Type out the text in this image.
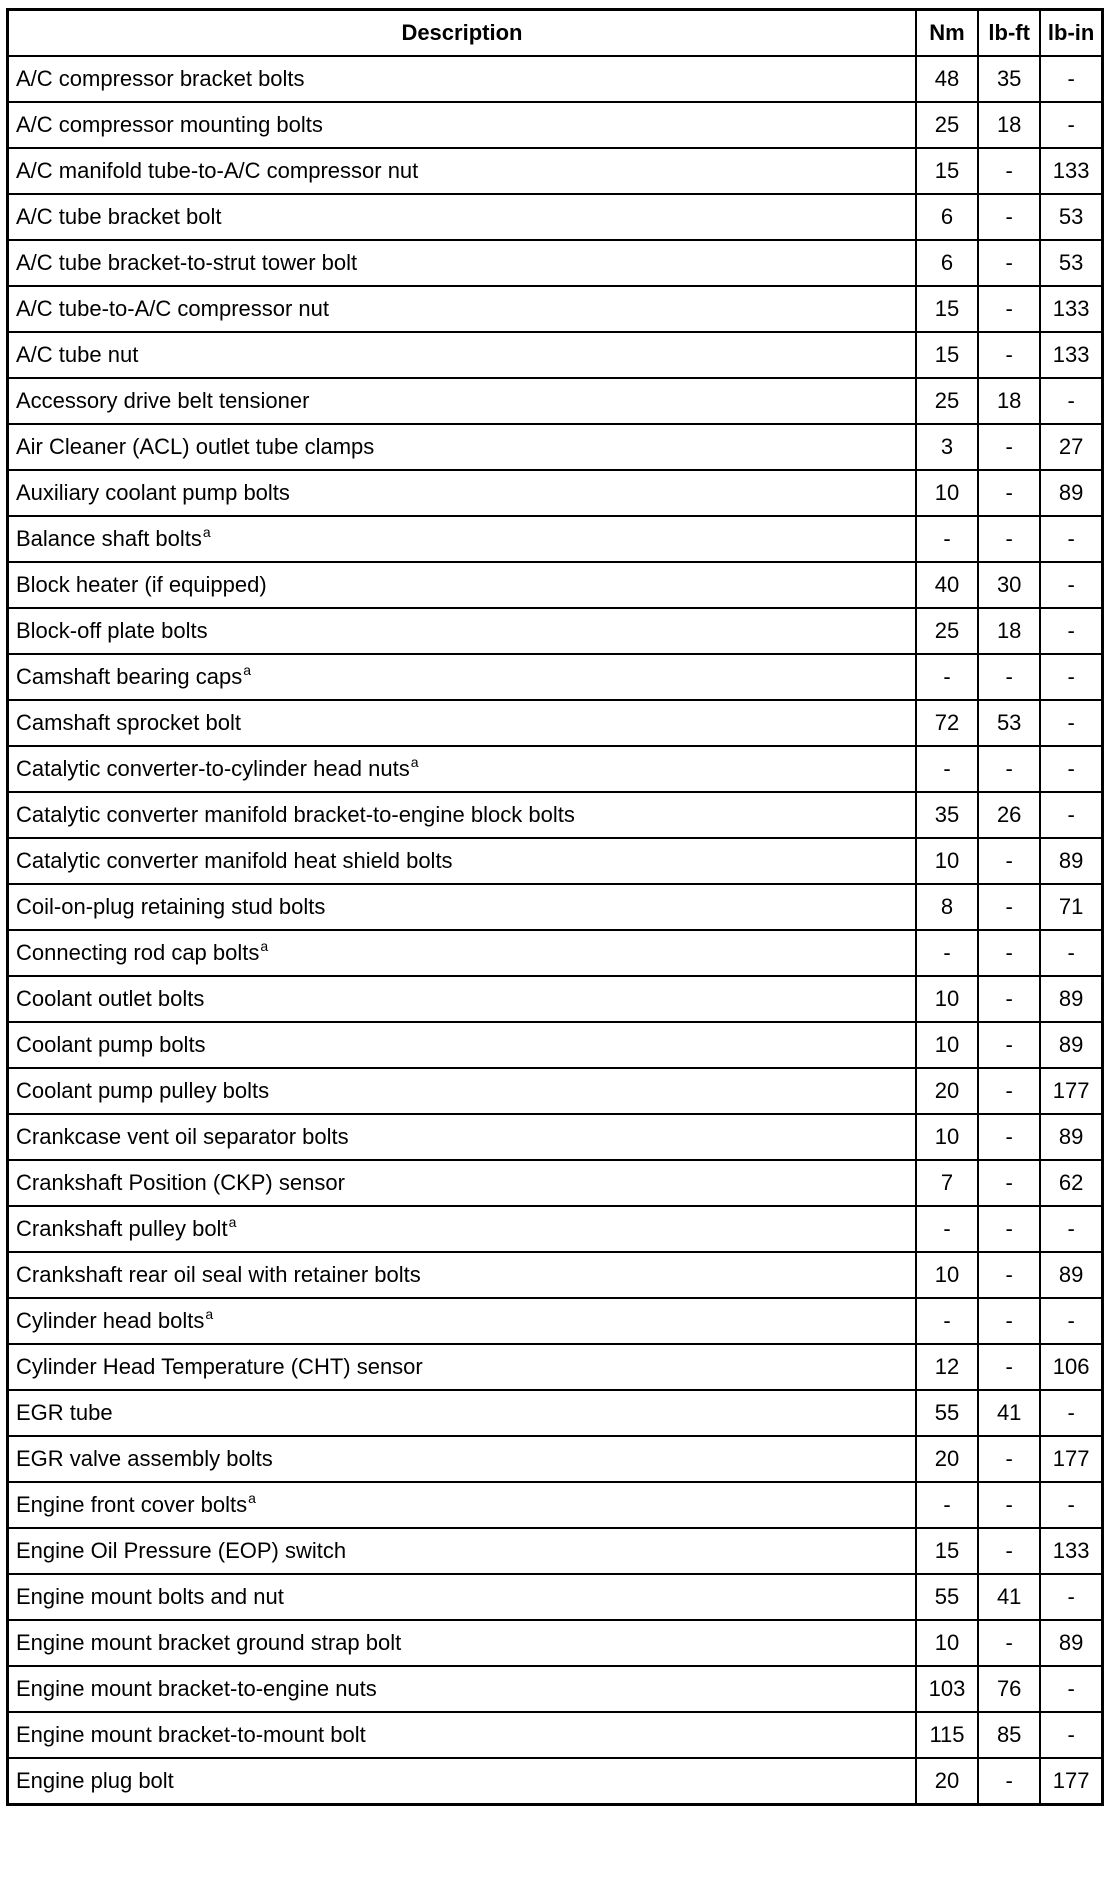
Description	Nm	lb-ft	lb-in
A/C compressor bracket bolts	48	35	-
A/C compressor mounting bolts	25	18	-
A/C manifold tube-to-A/C compressor nut	15	-	133
A/C tube bracket bolt	6	-	53
A/C tube bracket-to-strut tower bolt	6	-	53
A/C tube-to-A/C compressor nut	15	-	133
A/C tube nut	15	-	133
Accessory drive belt tensioner	25	18	-
Air Cleaner (ACL) outlet tube clamps	3	-	27
Auxiliary coolant pump bolts	10	-	89
Balance shaft bolts$^a$	-	-	-
Block heater (if equipped)	40	30	-
Block-off plate bolts	25	18	-
Camshaft bearing caps$^a$	-	-	-
Camshaft sprocket bolt	72	53	-
Catalytic converter-to-cylinder head nuts$^a$	-	-	-
Catalytic converter manifold bracket-to-engine block bolts	35	26	-
Catalytic converter manifold heat shield bolts	10	-	89
Coil-on-plug retaining stud bolts	8	-	71
Connecting rod cap bolts$^a$	-	-	-
Coolant outlet bolts	10	-	89
Coolant pump bolts	10	-	89
Coolant pump pulley bolts	20	-	177
Crankcase vent oil separator bolts	10	-	89
Crankshaft Position (CKP) sensor	7	-	62
Crankshaft pulley bolt$^a$	-	-	-
Crankshaft rear oil seal with retainer bolts	10	-	89
Cylinder head bolts$^a$	-	-	-
Cylinder Head Temperature (CHT) sensor	12	-	106
EGR tube	55	41	-
EGR valve assembly bolts	20	-	177
Engine front cover bolts$^a$	-	-	-
Engine Oil Pressure (EOP) switch	15	-	133
Engine mount bolts and nut	55	41	-
Engine mount bracket ground strap bolt	10	-	89
Engine mount bracket-to-engine nuts	103	76	-
Engine mount bracket-to-mount bolt	115	85	-
Engine plug bolt	20	-	177
